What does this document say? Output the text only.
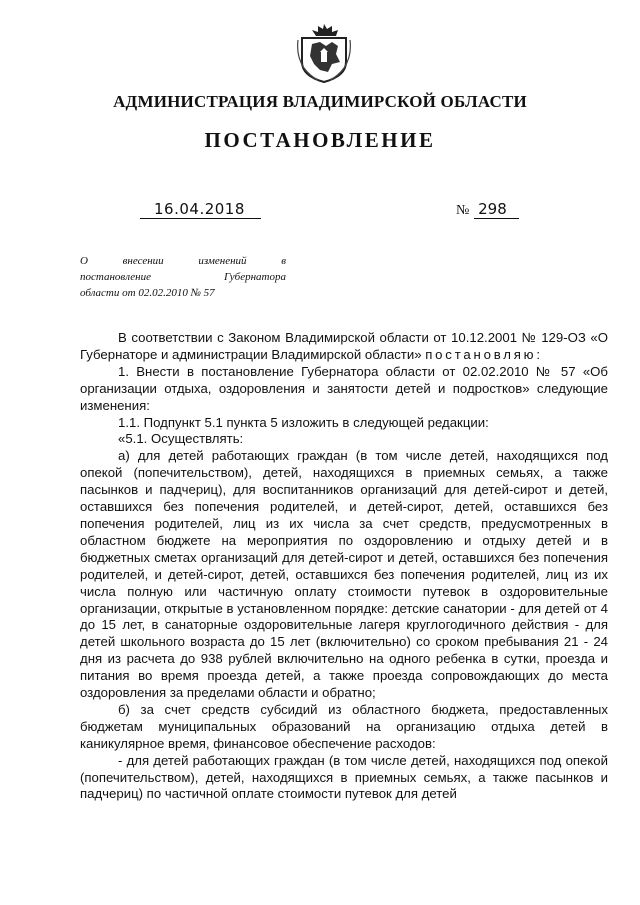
АДМИНИСТРАЦИЯ ВЛАДИМИРСКОЙ ОБЛАСТИ
ПОСТАНОВЛЕНИЕ
16.04.2018	№ 298
О внесении изменений в
постановление Губернатора
области от 02.02.2010 № 57

В соответствии с Законом Владимирской области от 10.12.2001 № 129-ОЗ «О Губернаторе и администрации Владимирской области» постановляю:

1. Внести в постановление Губернатора области от 02.02.2010 № 57 «Об организации отдыха, оздоровления и занятости детей и подростков» следующие изменения:

1.1. Подпункт 5.1 пункта 5 изложить в следующей редакции:

«5.1. Осуществлять:

а) для детей работающих граждан (в том числе детей, находящихся под опекой (попечительством), детей, находящихся в приемных семьях, а также пасынков и падчериц), для воспитанников организаций для детей-сирот и детей, оставшихся без попечения родителей, и детей-сирот, детей, оставшихся без попечения родителей, лиц из их числа за счет средств, предусмотренных в областном бюджете на мероприятия по оздоровлению и отдыху детей и в бюджетных сметах организаций для детей-сирот и детей, оставшихся без попечения родителей, и детей-сирот, детей, оставшихся без попечения родителей, лиц из их числа полную или частичную оплату стоимости путевок в оздоровительные организации, открытые в установленном порядке: детские санатории - для детей от 4 до 15 лет, в санаторные оздоровительные лагеря круглогодичного действия - для детей школьного возраста до 15 лет (включительно) со сроком пребывания 21 - 24 дня из расчета до 938 рублей включительно на одного ребенка в сутки, проезда и питания во время проезда детей, а также проезда сопровождающих до места оздоровления за пределами области и обратно;

б) за счет средств субсидий из областного бюджета, предоставленных бюджетам муниципальных образований на организацию отдыха детей в каникулярное время, финансовое обеспечение расходов:

- для детей работающих граждан (в том числе детей, находящихся под опекой (попечительством), детей, находящихся в приемных семьях, а также пасынков и падчериц) по частичной оплате стоимости путевок для детей
